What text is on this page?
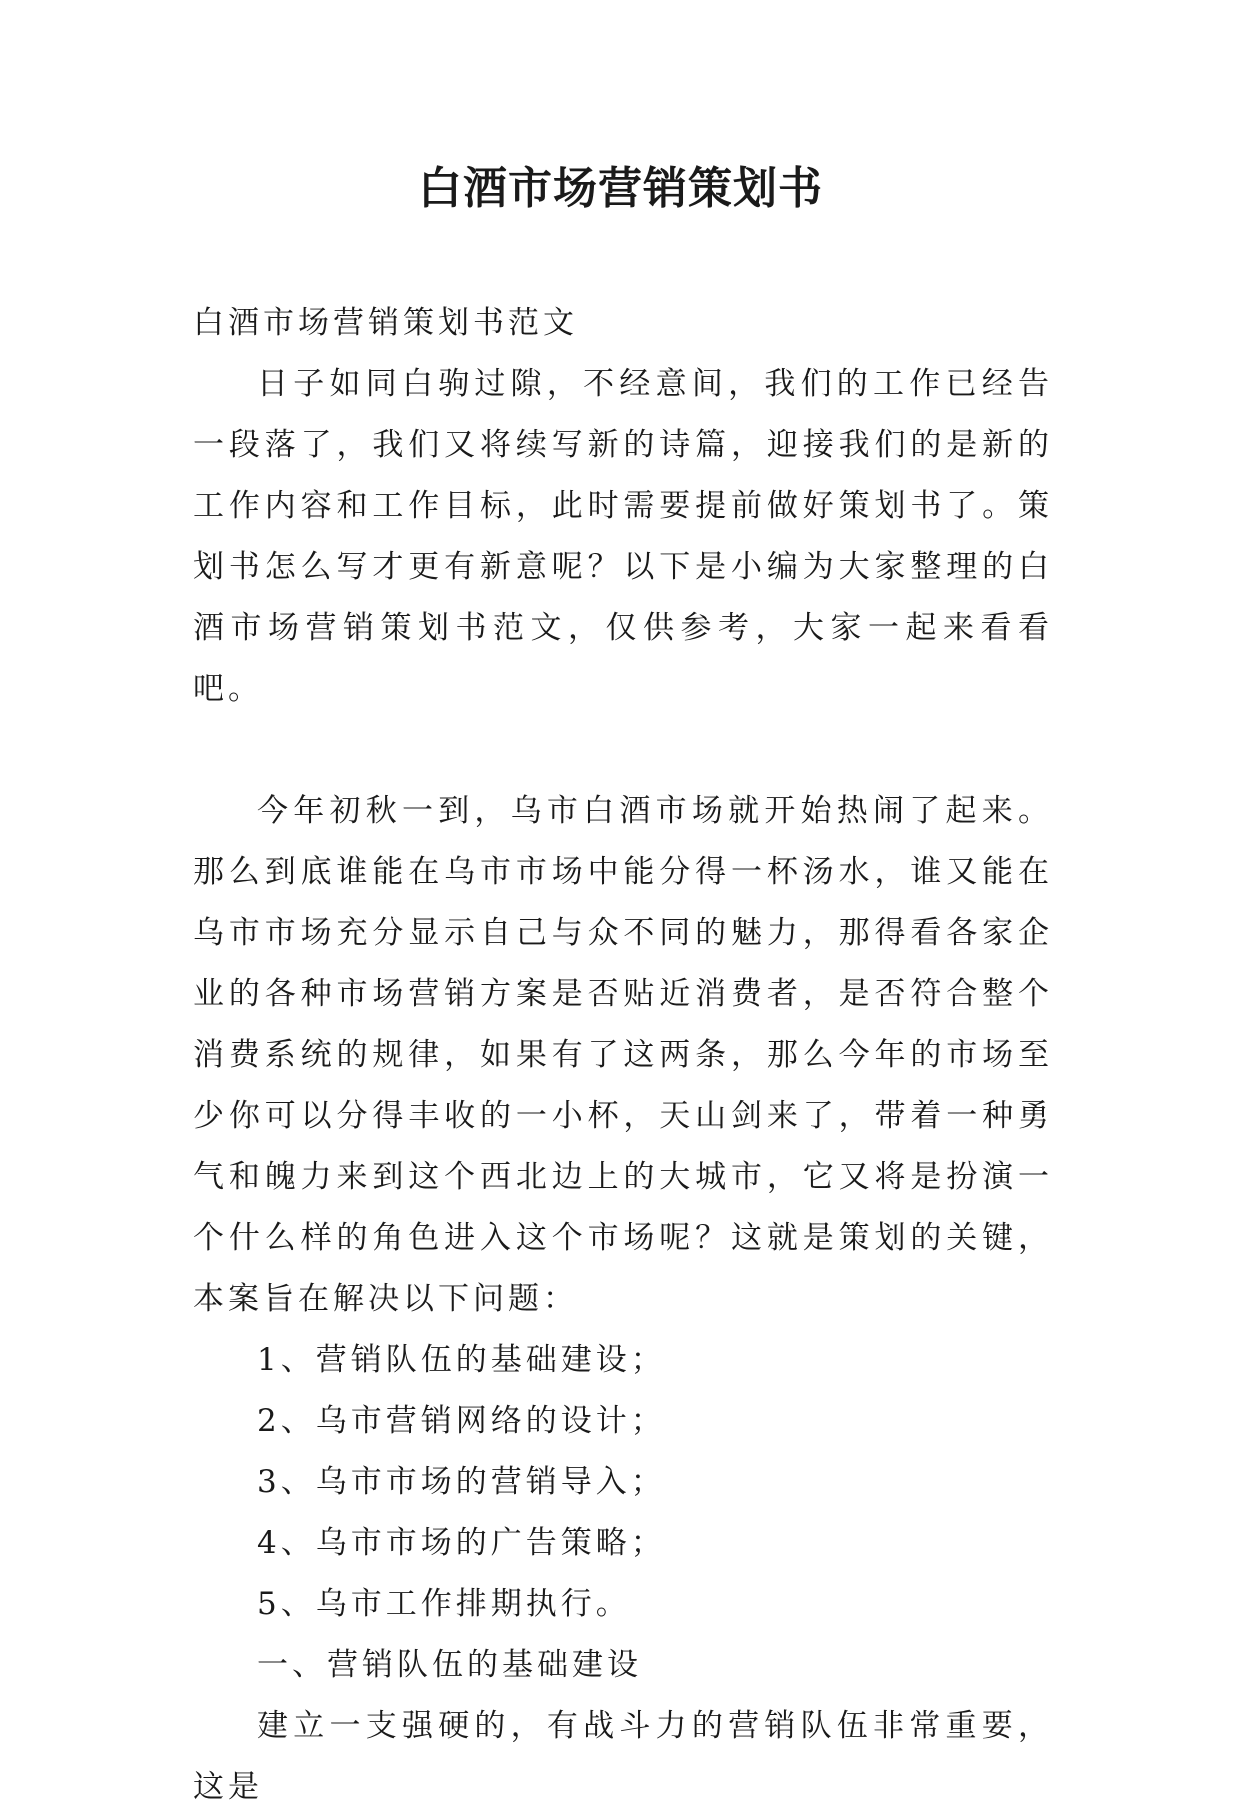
白酒市场营销策划书

白酒市场营销策划书范文

日子如同白驹过隙，不经意间，我们的工作已经告一段落了，我们又将续写新的诗篇，迎接我们的是新的工作内容和工作目标，此时需要提前做好策划书了。策划书怎么写才更有新意呢？以下是小编为大家整理的白酒市场营销策划书范文，仅供参考，大家一起来看看吧。

今年初秋一到，乌市白酒市场就开始热闹了起来。那么到底谁能在乌市市场中能分得一杯汤水，谁又能在乌市市场充分显示自己与众不同的魅力，那得看各家企业的各种市场营销方案是否贴近消费者，是否符合整个消费系统的规律，如果有了这两条，那么今年的市场至少你可以分得丰收的一小杯，天山剑来了，带着一种勇气和魄力来到这个西北边上的大城市，它又将是扮演一个什么样的角色进入这个市场呢？这就是策划的关键，本案旨在解决以下问题：

1、营销队伍的基础建设；

2、乌市营销网络的设计；

3、乌市市场的营销导入；

4、乌市市场的广告策略；

5、乌市工作排期执行。

一、营销队伍的基础建设

建立一支强硬的，有战斗力的营销队伍非常重要，这是
